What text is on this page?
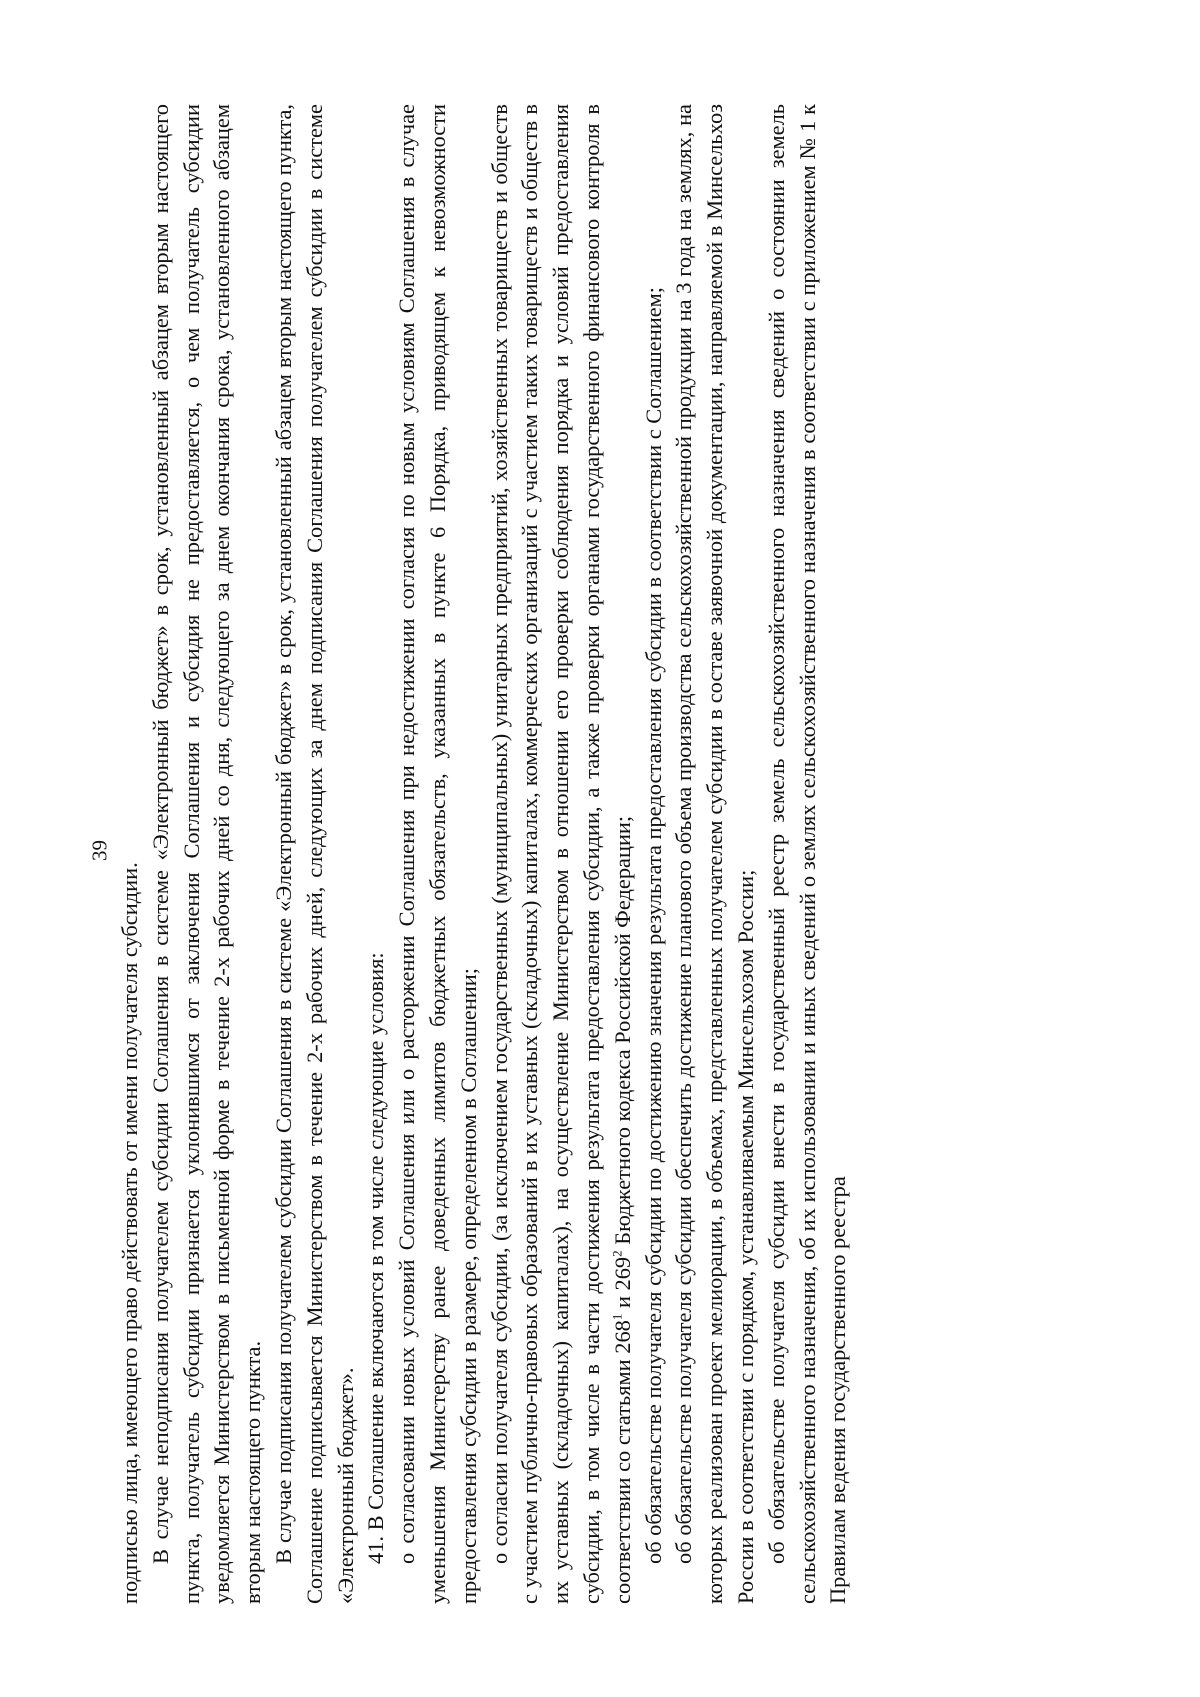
39

подписью лица, имеющего право действовать от имени получателя субсидии. В случае неподписания получателем субсидии Соглашения в системе «Электронный бюджет» в срок, установленный абзацем вторым настоящего пункта, получатель субсидии признается уклонившимся от заключения Соглашения и субсидия не предоставляется, о чем получатель субсидии уведомляется Министерством в письменной форме в течение 2-х рабочих дней со дня, следующего за днем окончания срока, установленного абзацем вторым настоящего пункта. В случае подписания получателем субсидии Соглашения в системе «Электронный бюджет» в срок, установленный абзацем вторым настоящего пункта, Соглашение подписывается Министерством в течение 2-х рабочих дней, следующих за днем подписания Соглашения получателем субсидии в системе «Электронный бюджет». 41. В Соглашение включаются в том числе следующие условия: о согласовании новых условий Соглашения или о расторжении Соглашения при недостижении согласия по новым условиям Соглашения в случае уменьшения Министерству ранее доведенных лимитов бюджетных обязательств, указанных в пункте 6 Порядка, приводящем к невозможности предоставления субсидии в размере, определенном в Соглашении; о согласии получателя субсидии, (за исключением государственных (муниципальных) унитарных предприятий, хозяйственных товариществ и обществ с участием публично-правовых образований в их уставных (складочных) капиталах, коммерческих организаций с участием таких товариществ и обществ в их уставных (складочных) капиталах), на осуществление Министерством в отношении его проверки соблюдения порядка и условий предоставления субсидии, в том числе в части достижения результата предоставления субсидии, а также проверки органами государственного финансового контроля в соответствии со статьями $268^1$ и $269^2$ Бюджетного кодекса Российской Федерации; об обязательстве получателя субсидии по достижению значения результата предоставления субсидии в соответствии с Соглашением; об обязательстве получателя субсидии обеспечить достижение планового объема производства сельскохозяйственной продукции на 3 года на землях, на которых реализован проект мелиорации, в объемах, представленных получателем субсидии в составе заявочной документации, направляемой в Минсельхоз России в соответствии с порядком, устанавливаемым Минсельхозом России; об обязательстве получателя субсидии внести в государственный реестр земель сельскохозяйственного назначения сведений о состоянии земель сельскохозяйственного назначения, об их использовании и иных сведений о землях сельскохозяйственного назначения в соответствии с приложением № 1 к Правилам ведения государственного реестра
